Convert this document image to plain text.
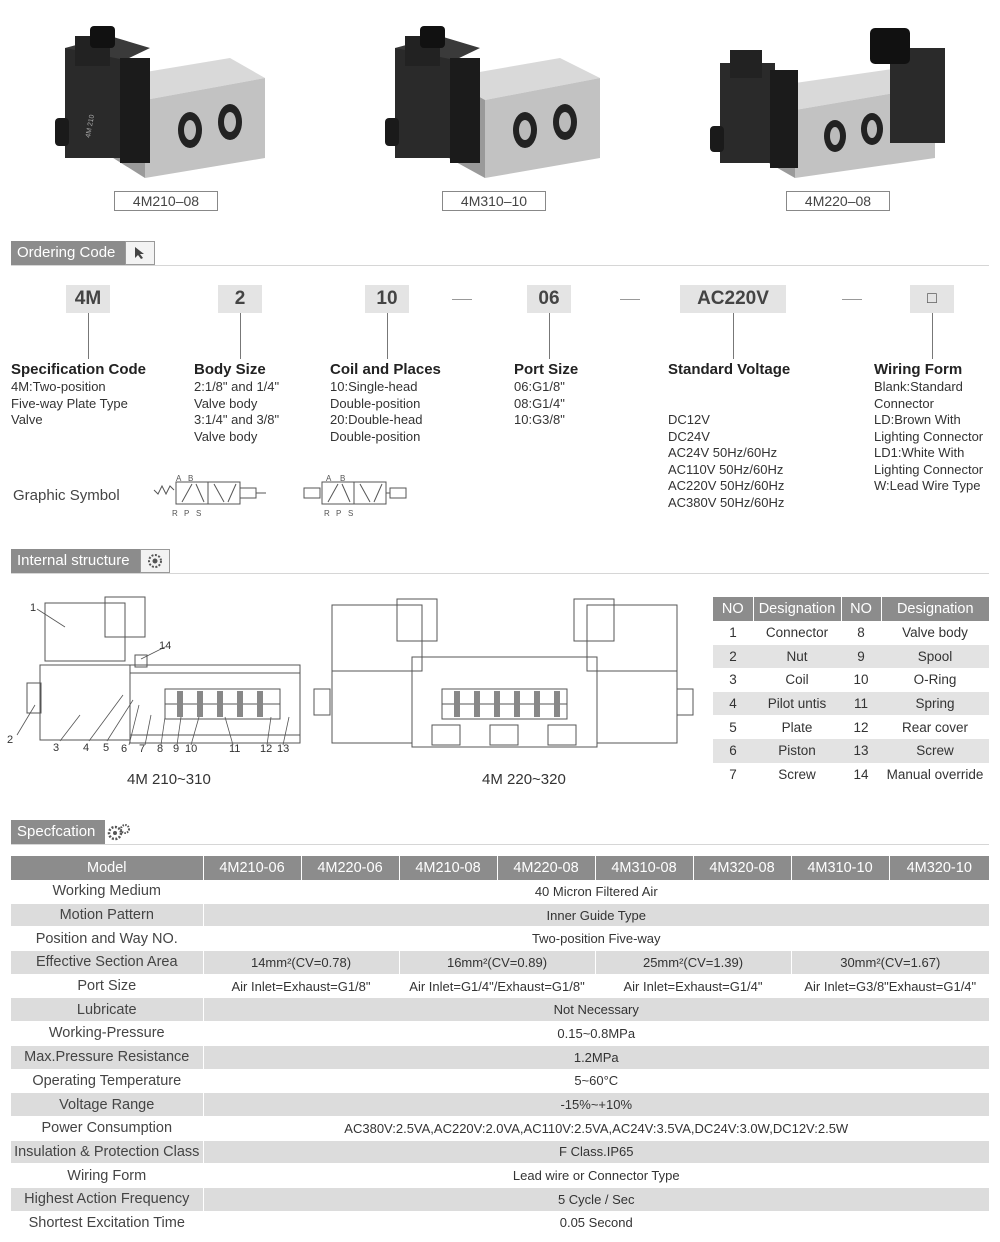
4M 210
4M210–08	4M310–10	4M220–08
Ordering Code
4M	2	10	06	AC220V	□
Specification Code
4M:Two-position
Five-way Plate Type
Valve
Body Size
2:1/8" and 1/4"
Valve body
3:1/4" and 3/8"
Valve body
Coil and Places
10:Single-head
Double-position
20:Double-head
Double-position
Port Size
06:G1/8"
08:G1/4"
10:G3/8"
Standard Voltage

DC12V
DC24V
AC24V 50Hz/60Hz
AC110V 50Hz/60Hz
AC220V 50Hz/60Hz
AC380V 50Hz/60Hz

Wiring Form
Blank:Standard
Connector
LD:Brown With
Lighting Connector
LD1:White With
Lighting Connector
W:Lead Wire Type
Graphic Symbol
A B
R P S
A B
R P S
Internal structure
1
2
3 4 5 6 7 8 9 10	11 12 13
14
4M 210~310	4M 220~320
NO	Designation	NO	Designation
1	Connector	8	Valve body
2	Nut	9	Spool
3	Coil	10	O-Ring
4	Pilot untis	11	Spring
5	Plate	12	Rear cover
6	Piston	13	Screw
7	Screw	14	Manual override
Specfcation
Model	4M210-06	4M220-06	4M210-08	4M220-08	4M310-08	4M320-08	4M310-10	4M320-10
Working Medium	40 Micron Filtered Air							
Motion Pattern	Inner Guide Type							
Position and Way NO.	Two-position Five-way							
Effective Section Area	14mm²(CV=0.78)		16mm²(CV=0.89)		25mm²(CV=1.39)		30mm²(CV=1.67)	
Port Size	Air Inlet=Exhaust=G1/8"		Air Inlet=G1/4"/Exhaust=G1/8"		Air Inlet=Exhaust=G1/4"		Air Inlet=G3/8"Exhaust=G1/4"	
Lubricate	Not Necessary							
Working-Pressure	0.15~0.8MPa							
Max.Pressure Resistance	1.2MPa							
Operating Temperature	5~60°C							
Voltage Range	-15%~+10%							
Power Consumption	AC380V:2.5VA,AC220V:2.0VA,AC110V:2.5VA,AC24V:3.5VA,DC24V:3.0W,DC12V:2.5W							
Insulation & Protection Class	F Class.IP65							
Wiring Form	Lead wire or Connector Type							
Highest Action Frequency	5 Cycle / Sec							
Shortest Excitation Time	0.05 Second							
